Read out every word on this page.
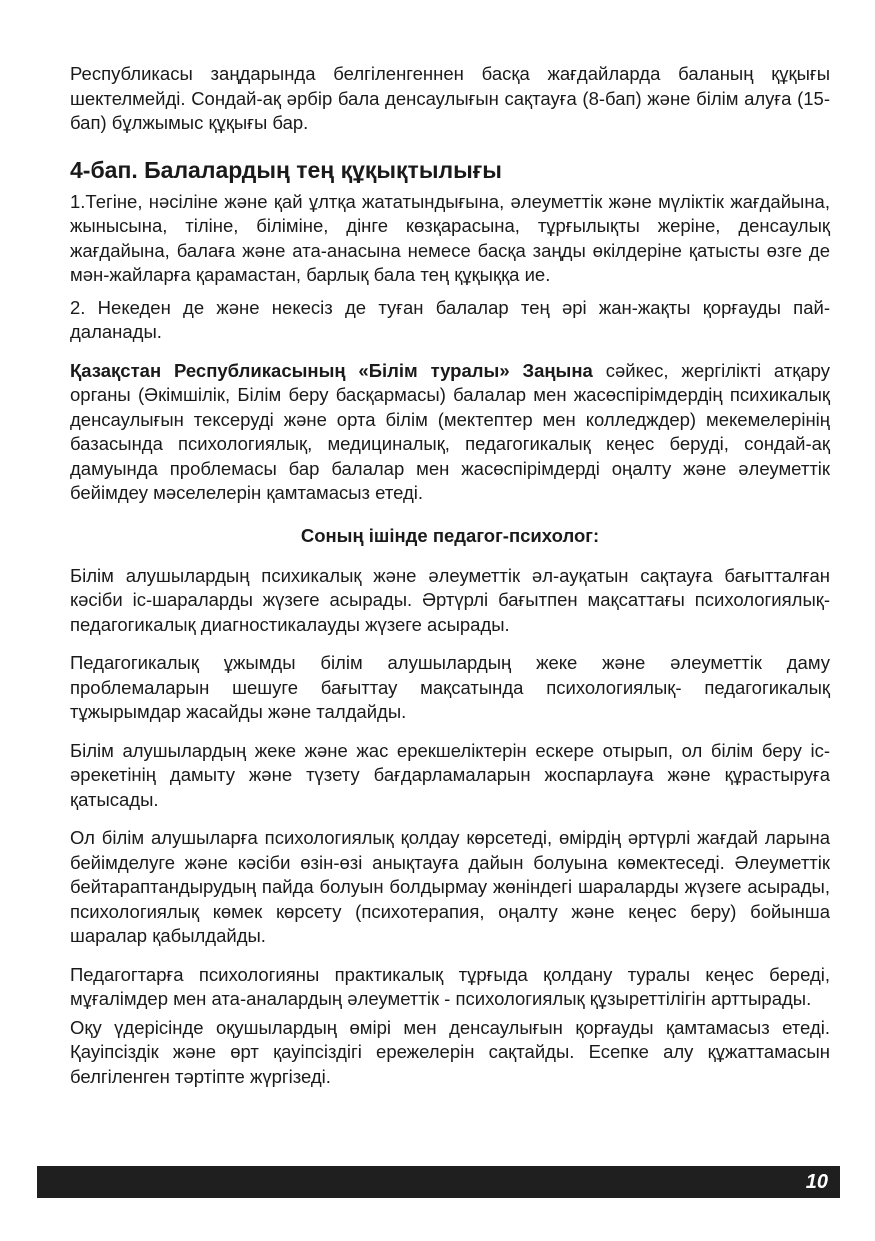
Республикасы заңдарында белгіленгеннен басқа жағдайларда баланың құқығы шектелмейді. Сондай-ақ әрбір бала денсаулығын сақтауға (8-бап) және білім алуға (15-бап) бұлжымыс құқығы бар.

4-бап. Балалардың тең құқықтылығы

1.Тегіне, нәсіліне және қай ұлтқа жататындығына, әлеуметтік және мүліктік жағдайына, жынысына, тіліне, біліміне, дінге көзқарасына, тұрғылықты жеріне, денсаулық жағдайына, балаға және ата-анасына немесе басқа заңды өкілдеріне қатысты өзге де мән-жайларға қарамастан, барлық бала тең құқыққа ие.

2. Некеден де және некесіз де туған балалар тең әрі жан-жақты қорғауды пайдаланады.

Қазақстан Республикасының «Білім туралы» Заңына сәйкес, жергілікті атқару органы (Әкімшілік, Білім беру басқармасы) балалар мен жасөспірімдердің психикалық денсаулығын тексеруді және орта білім (мектептер мен колледждер) мекемелерінің базасында психологиялық, медициналық, педагогикалық кеңес беруді, сондай-ақ дамуында проблемасы бар балалар мен жасөспірімдерді оңалту және әлеуметтік бейімдеу мәселелерін қамтамасыз етеді.

Соның ішінде педагог-психолог:

Білім алушылардың психикалық және әлеуметтік әл-ауқатын сақтауға бағытталған кәсіби іс-шараларды жүзеге асырады. Әртүрлі бағытпен мақсаттағы психологиялық-педагогикалық диагностикалауды жүзеге асырады.

Педагогикалық ұжымды білім алушылардың жеке және әлеуметтік даму проблемаларын шешуге бағыттау мақсатында психологиялық- педагогикалық тұжырымдар жасайды және талдайды.

Білім алушылардың жеке және жас ерекшеліктерін ескере отырып, ол білім беру іс-әрекетінің дамыту және түзету бағдарламаларын жоспарлауға және құрастыруға қатысады.

Ол білім алушыларға психологиялық қолдау көрсетеді, өмірдің әртүрлі жағдай ларына бейімделуге және кәсіби өзін-өзі анықтауға дайын болуына көмектеседі. Әлеуметтік бейтараптандырудың пайда болуын болдырмау жөніндегі шараларды жүзеге асырады, психологиялық көмек көрсету (психотерапия, оңалту және кеңес беру) бойынша шаралар қабылдайды.

Педагогтарға психологияны практикалық тұрғыда қолдану туралы кеңес береді, мұғалімдер мен ата-аналардың әлеуметтік - психологиялық құзыреттілігін арттырады.

Оқу үдерісінде оқушылардың өмірі мен денсаулығын қорғауды қамтамасыз етеді. Қауіпсіздік және өрт қауіпсіздігі ережелерін сақтайды. Есепке алу құжаттамасын белгіленген тәртіпте жүргізеді.

10
